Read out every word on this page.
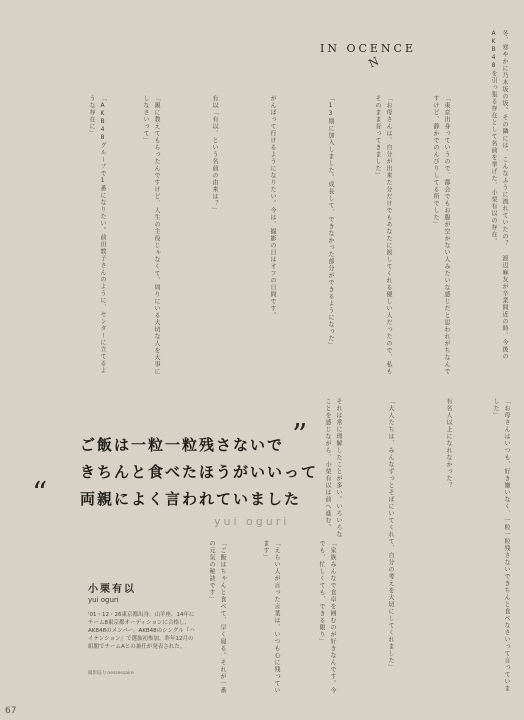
IN OCENCE
N	冬、寒やかに乃木坂の坂。その隣には、こんなふうに流れていたの？ 渡辺麻友が卒業間近の時、今後のAKB48を引っ張る存在として名前を挙げた、小栗有以の存在。
「東京出身っていうので、都会でもお腹が空かない人みたいな感じだと思われがちなんですけど、静かでのんびりしてる所でした」
「お母さんは、自分が出来た分だけでもあなたに渡してくれる優しい人だったので、私もそのまま育ってきました」
「13期に加入しました。成長して、できなかった部分ができるようになった」
がんばって行けるようになりたい。今は、撮影の日はオフの日間です。
有以「有以、という名前の由来は？」
「親に教えてもらったんですけど、人生の主役じゃなくて、周りにいる大切な人を大事にしなさいって」
「AKB48グループで1番になりたい。前田敦子さんのように、センターに立てるような存在に」
「お母さんはいつも、好き嫌いなく、一粒一粒残さないできちんと食べなさいって言っていました」
有名人以上になれなかった？
「大人たちは、みんなずっとそばにいてくれて、自分の考えを大切にしてくれました」
「家族みんなで食卓を囲むのが好きなんです。今でも、忙しくても、できる限り」
「えらい人が言った言葉は、いつも心に残っています」
それは常に理解したことが多い。いろいろなことを感じながら、小栗有以は前へ進む。
「ご飯はちゃんと食べて、早く寝る。それが一番の元気の秘訣です」
”
ご飯は一粒一粒残さないで
きちんと食べたほうがいいって
両親によく言われていました
“
yui oguri
小栗有以
yui oguri
'01・12・26東京都出身。山羊座。14年にチーム8東京都オーディションに合格し、AKB48のメンバー。AKB48のシングル『ハイテンション』で選抜初参加。昨年12月の組閣でチームAとの兼任が発表された。
撮影協力 nessessaire
67
